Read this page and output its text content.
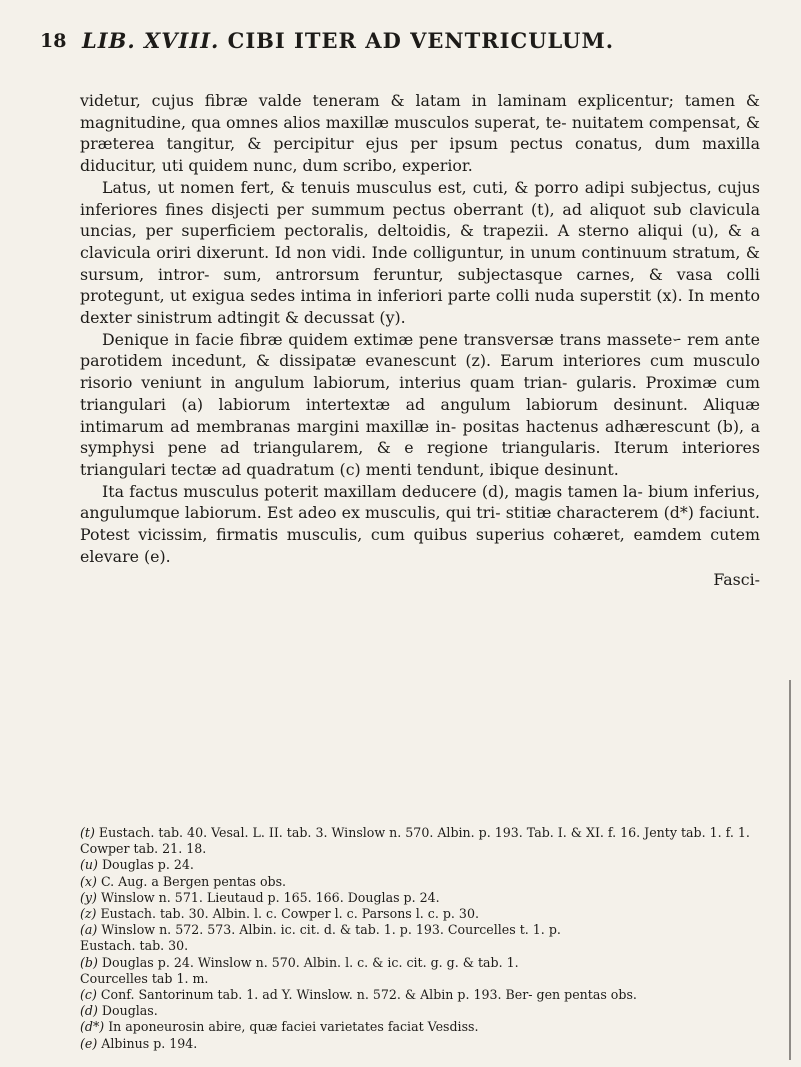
18 LIB. XVIII. CIBI ITER AD VENTRICULUM.

videtur, cujus fibræ valde teneram & latam in laminam explicentur; tamen & magnitudine, qua omnes alios maxillæ musculos superat, te- nuitatem compensat, & præterea tangitur, & percipitur ejus per ipsum pectus conatus, dum maxilla diducitur, uti quidem nunc, dum scribo, experior.

Latus, ut nomen fert, & tenuis musculus est, cuti, & porro adipi subjectus, cujus inferiores fines disjecti per summum pectus oberrant (t), ad aliquot sub clavicula uncias, per superficiem pectoralis, deltoidis, & trapezii. A sterno aliqui (u), & a clavicula oriri dixerunt. Id non vidi. Inde colliguntur, in unum continuum stratum, & sursum, intror- sum, antrorsum feruntur, subjectasque carnes, & vasa colli protegunt, ut exigua sedes intima in inferiori parte colli nuda superstit (x). In mento dexter sinistrum adtingit & decussat (y).

Denique in facie fibræ quidem extimæ pene transversæ trans masseteｰ rem ante parotidem incedunt, & dissipatæ evanescunt (z). Earum interiores cum musculo risorio veniunt in angulum labiorum, interius quam trian- gularis. Proximæ cum triangulari (a) labiorum intertextæ ad angulum labiorum desinunt. Aliquæ intimarum ad membranas margini maxillæ in- positas hactenus adhærescunt (b), a symphysi pene ad triangularem, & e regione triangularis. Iterum interiores triangulari tectæ ad quadratum (c) menti tendunt, ibique desinunt.

Ita factus musculus poterit maxillam deducere (d), magis tamen la- bium inferius, angulumque labiorum. Est adeo ex musculis, qui tri- stitiæ characterem (d*) faciunt. Potest vicissim, firmatis musculis, cum quibus superius cohæret, eamdem cutem elevare (e).

Fasci-

(t) Eustach. tab. 40. Vesal. L. II. tab. 3. Winslow n. 570. Albin. p. 193. Tab. I. & XI. f. 16. Jenty tab. 1. f. 1. Cowper tab. 21. 18.

(u) Douglas p. 24.

(x) C. Aug. a Bergen pentas obs.

(y) Winslow n. 571. Lieutaud p. 165. 166. Douglas p. 24.

(z) Eustach. tab. 30. Albin. l. c. Cowper l. c. Parsons l. c. p. 30.

(a) Winslow n. 572. 573. Albin. ic. cit. d. & tab. 1. p. 193. Courcelles t. 1. p.

Eustach. tab. 30.

(b) Douglas p. 24. Winslow n. 570. Albin. l. c. & ic. cit. g. g. & tab. 1.

Courcelles tab 1. m.

(c) Conf. Santorinum tab. 1. ad Y. Winslow. n. 572. & Albin p. 193. Ber- gen pentas obs.

(d) Douglas.

(d*) In aponeurosin abire, quæ faciei varietates faciat Vesdiss.

(e) Albinus p. 194.
